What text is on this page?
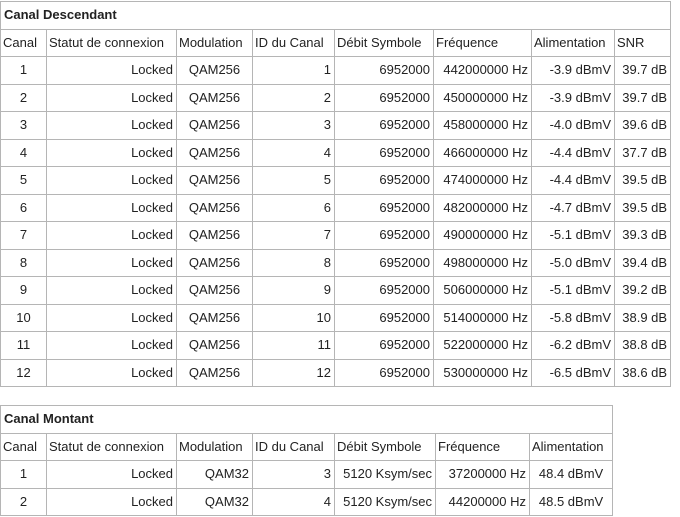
Canal Descendant							
Canal	Statut de connexion	Modulation	ID du Canal	Débit Symbole	Fréquence	Alimentation	SNR
1	Locked	QAM256	1	6952000	442000000 Hz	-3.9 dBmV	39.7 dB
2	Locked	QAM256	2	6952000	450000000 Hz	-3.9 dBmV	39.7 dB
3	Locked	QAM256	3	6952000	458000000 Hz	-4.0 dBmV	39.6 dB
4	Locked	QAM256	4	6952000	466000000 Hz	-4.4 dBmV	37.7 dB
5	Locked	QAM256	5	6952000	474000000 Hz	-4.4 dBmV	39.5 dB
6	Locked	QAM256	6	6952000	482000000 Hz	-4.7 dBmV	39.5 dB
7	Locked	QAM256	7	6952000	490000000 Hz	-5.1 dBmV	39.3 dB
8	Locked	QAM256	8	6952000	498000000 Hz	-5.0 dBmV	39.4 dB
9	Locked	QAM256	9	6952000	506000000 Hz	-5.1 dBmV	39.2 dB
10	Locked	QAM256	10	6952000	514000000 Hz	-5.8 dBmV	38.9 dB
11	Locked	QAM256	11	6952000	522000000 Hz	-6.2 dBmV	38.8 dB
12	Locked	QAM256	12	6952000	530000000 Hz	-6.5 dBmV	38.6 dB
Canal Montant						
Canal	Statut de connexion	Modulation	ID du Canal	Débit Symbole	Fréquence	Alimentation
1	Locked	QAM32	3	5120 Ksym/sec	37200000 Hz	48.4 dBmV
2	Locked	QAM32	4	5120 Ksym/sec	44200000 Hz	48.5 dBmV
